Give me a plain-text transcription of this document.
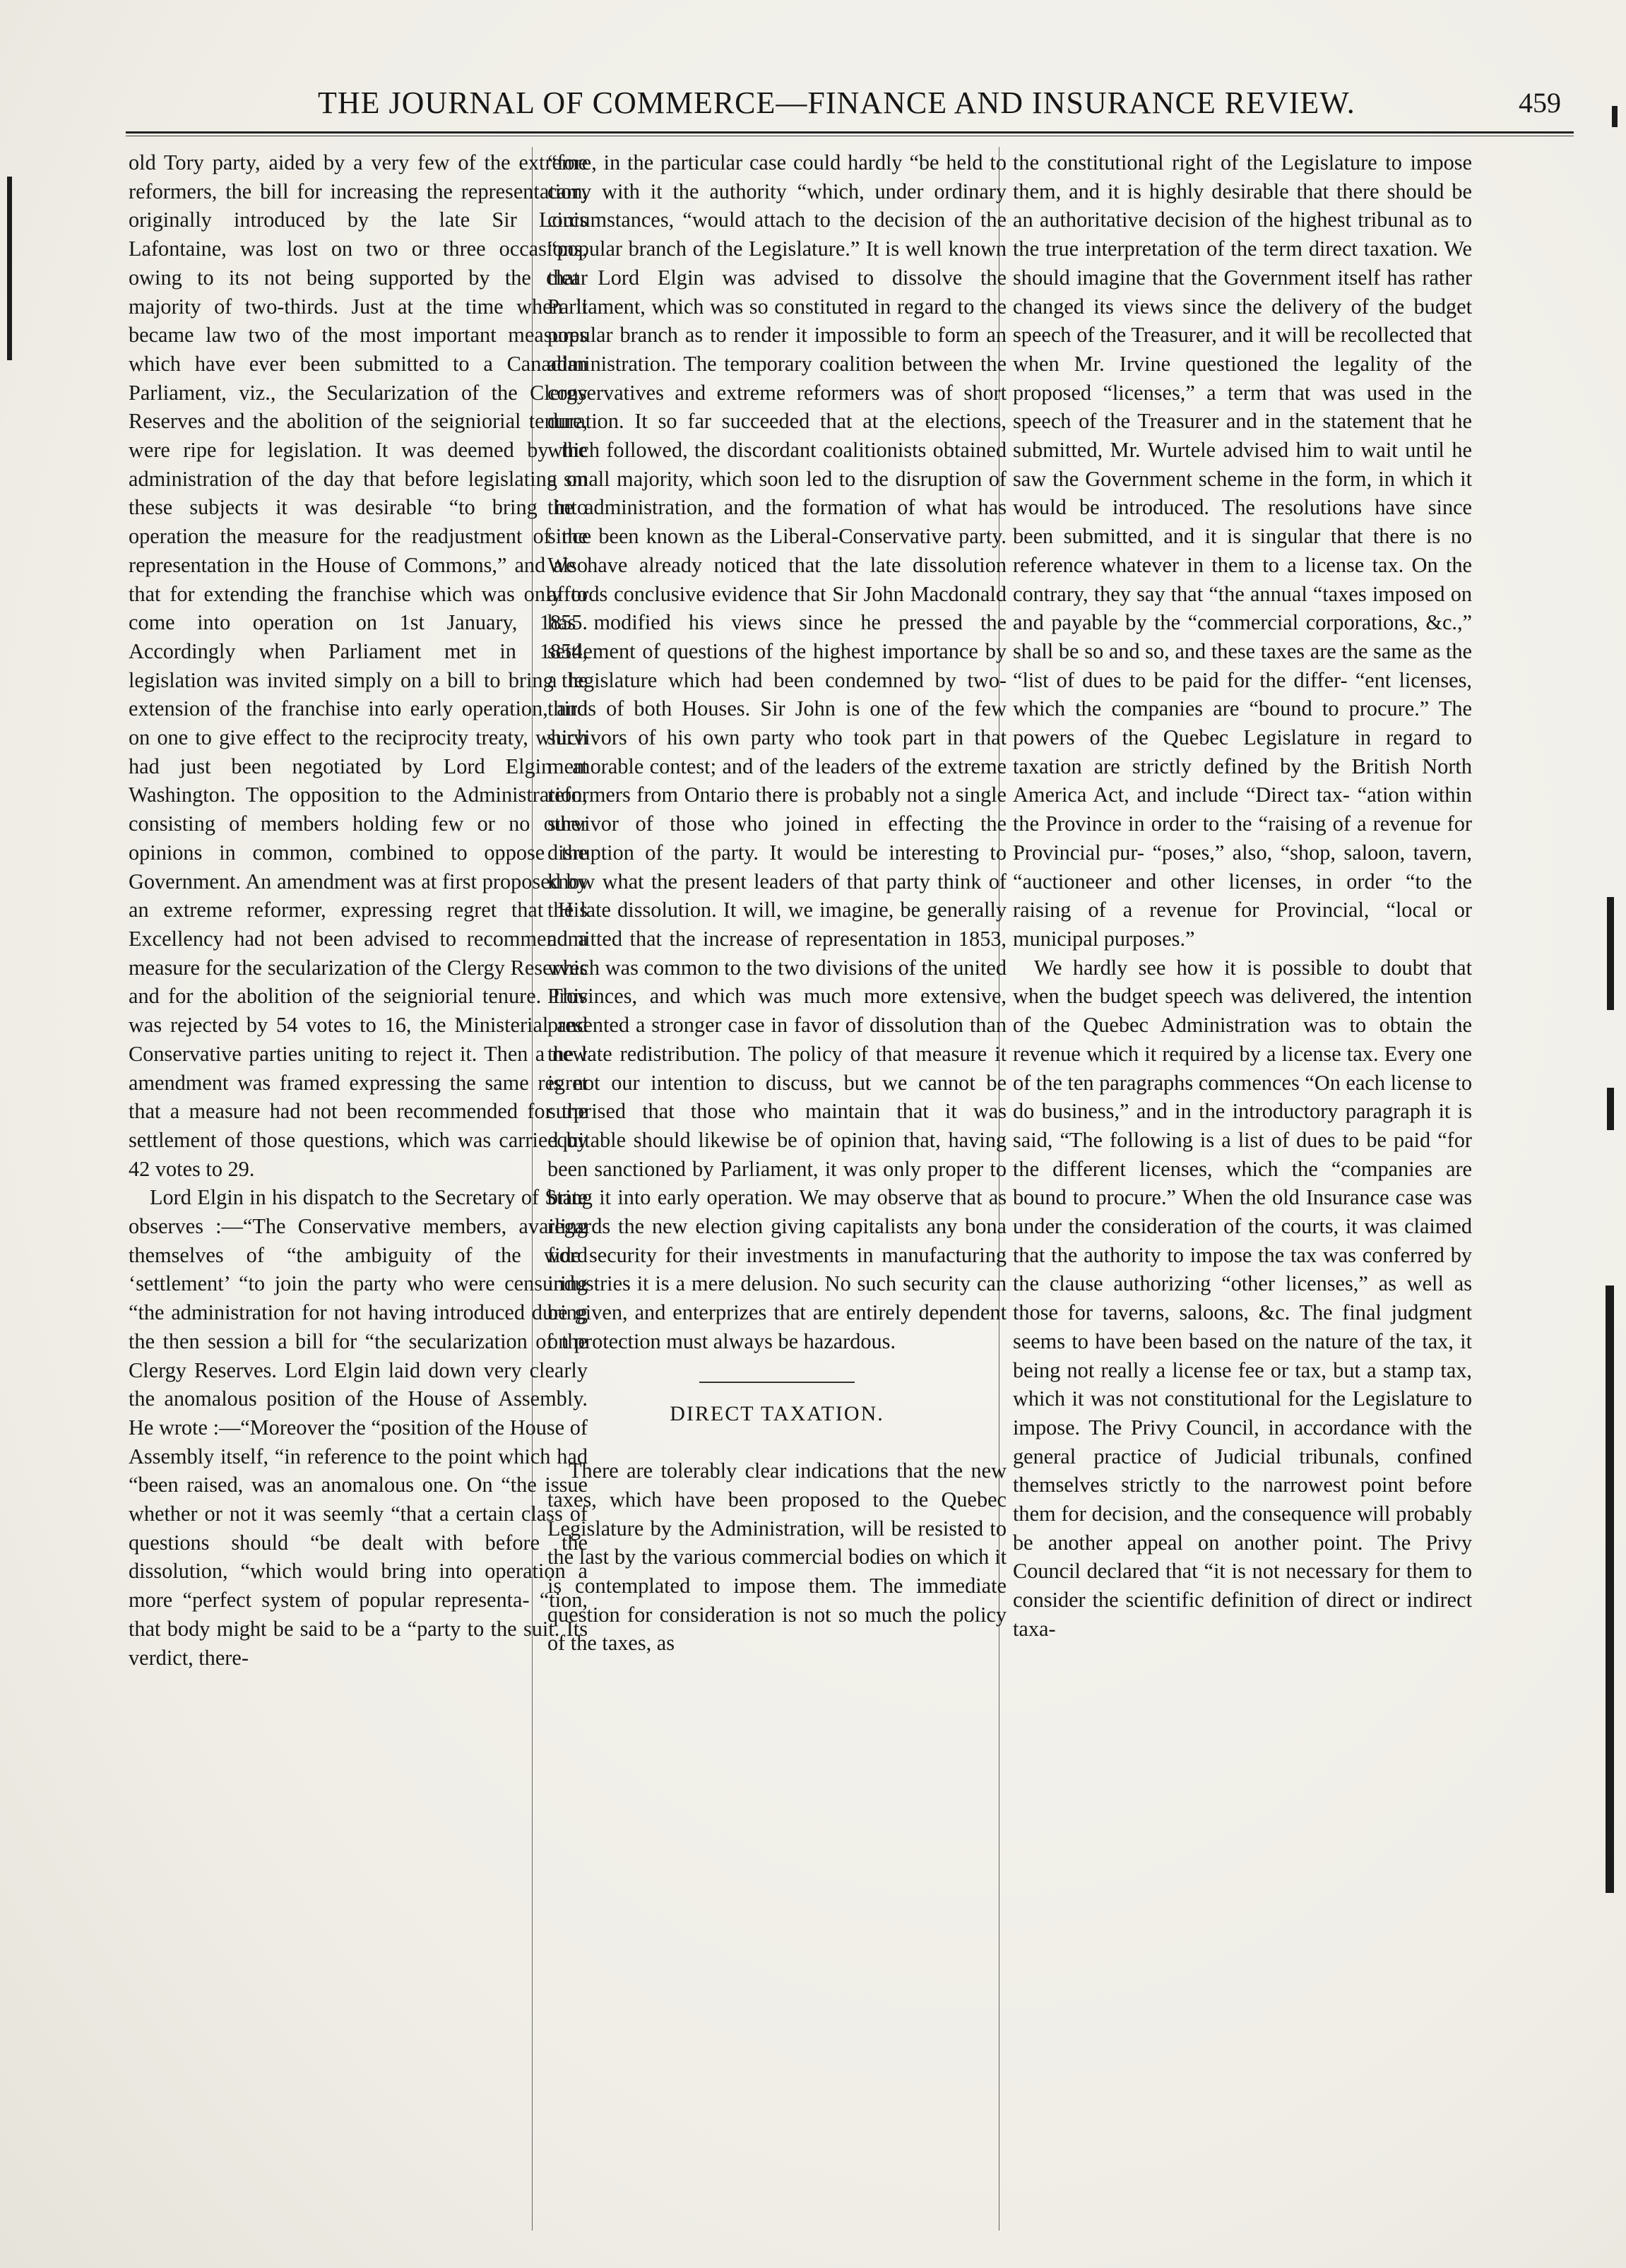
THE JOURNAL OF COMMERCE—FINANCE AND INSURANCE REVIEW.	459

old Tory party, aided by a very few of the extreme reformers, the bill for increasing the representation, originally introduced by the late Sir Louis Lafontaine, was lost on two or three occasions, owing to its not being supported by the clear majority of two-thirds. Just at the time when it became law two of the most important measures which have ever been submitted to a Canadian Parliament, viz., the Secularization of the Clergy Reserves and the abolition of the seigniorial tenure, were ripe for legislation. It was deemed by the administration of the day that before legislating on these subjects it was desirable “to bring into operation the measure for the readjustment of the representation in the House of Commons,” and also that for extending the franchise which was only to come into operation on 1st January, 1855. Accordingly when Parliament met in 1854, legislation was invited simply on a bill to bring the extension of the franchise into early operation, and on one to give effect to the reciprocity treaty, which had just been negotiated by Lord Elgin at Washington. The opposition to the Administration, consisting of members holding few or no other opinions in common, combined to oppose the Government. An amendment was at first proposed by an extreme reformer, expressing regret that His Excellency had not been advised to recommend a measure for the secularization of the Clergy Reserves and for the abolition of the seigniorial tenure. This was rejected by 54 votes to 16, the Ministerial and Conservative parties uniting to reject it. Then a new amendment was framed expressing the same regret that a measure had not been recommended for the settlement of those questions, which was carried by 42 votes to 29.

Lord Elgin in his dispatch to the Secretary of State observes :—“The Conservative members, availing themselves of “the ambiguity of the word ‘settlement’ “to join the party who were censuring “the administration for not having introduced during the then session a bill for “the secularization of the Clergy Reserves. Lord Elgin laid down very clearly the anomalous position of the House of Assembly. He wrote :—“Moreover the “position of the House of Assembly itself, “in reference to the point which had “been raised, was an anomalous one. On “the issue whether or not it was seemly “that a certain class of questions should “be dealt with before the dissolution, “which would bring into operation a more “perfect system of popular representa- “tion, that body might be said to be a “party to the suit. Its verdict, there-

“fore, in the particular case could hardly “be held to carry with it the authority “which, under ordinary circumstances, “would attach to the decision of the “popular branch of the Legislature.” It is well known that Lord Elgin was advised to dissolve the Parliament, which was so constituted in regard to the popular branch as to render it impossible to form an administration. The temporary coalition between the conservatives and extreme reformers was of short duration. It so far succeeded that at the elections, which followed, the discordant coalitionists obtained a small majority, which soon led to the disruption of the administration, and the formation of what has since been known as the Liberal-Conservative party. We have already noticed that the late dissolution affords conclusive evidence that Sir John Macdonald has modified his views since he pressed the settlement of questions of the highest importance by a legislature which had been condemned by two-thirds of both Houses. Sir John is one of the few survivors of his own party who took part in that memorable contest; and of the leaders of the extreme reformers from Ontario there is probably not a single survivor of those who joined in effecting the disruption of the party. It would be interesting to know what the present leaders of that party think of the late dissolution. It will, we imagine, be generally admitted that the increase of representation in 1853, which was common to the two divisions of the united Provinces, and which was much more extensive, presented a stronger case in favor of dissolution than the late redistribution. The policy of that measure it is not our intention to discuss, but we cannot be surprised that those who maintain that it was equitable should likewise be of opinion that, having been sanctioned by Parliament, it was only proper to bring it into early operation. We may observe that as regards the new election giving capitalists any bona fide security for their investments in manufacturing industries it is a mere delusion. No such security can be given, and enterprizes that are entirely dependent on protection must always be hazardous.

DIRECT TAXATION.

There are tolerably clear indications that the new taxes, which have been proposed to the Quebec Legislature by the Administration, will be resisted to the last by the various commercial bodies on which it is contemplated to impose them. The immediate question for consideration is not so much the policy of the taxes, as

the constitutional right of the Legislature to impose them, and it is highly desirable that there should be an authoritative decision of the highest tribunal as to the true interpretation of the term direct taxation. We should imagine that the Government itself has rather changed its views since the delivery of the budget speech of the Treasurer, and it will be recollected that when Mr. Irvine questioned the legality of the proposed “licenses,” a term that was used in the speech of the Treasurer and in the statement that he submitted, Mr. Wurtele advised him to wait until he saw the Government scheme in the form, in which it would be introduced. The resolutions have since been submitted, and it is singular that there is no reference whatever in them to a license tax. On the contrary, they say that “the annual “taxes imposed on and payable by the “commercial corporations, &c.,” shall be so and so, and these taxes are the same as the “list of dues to be paid for the differ- “ent licenses, which the companies are “bound to procure.” The powers of the Quebec Legislature in regard to taxation are strictly defined by the British North America Act, and include “Direct tax- “ation within the Province in order to the “raising of a revenue for Provincial pur- “poses,” also, “shop, saloon, tavern, “auctioneer and other licenses, in order “to the raising of a revenue for Provincial, “local or municipal purposes.”

We hardly see how it is possible to doubt that when the budget speech was delivered, the intention of the Quebec Administration was to obtain the revenue which it required by a license tax. Every one of the ten paragraphs commences “On each license to do business,” and in the introductory paragraph it is said, “The following is a list of dues to be paid “for the different licenses, which the “companies are bound to procure.” When the old Insurance case was under the consideration of the courts, it was claimed that the authority to impose the tax was conferred by the clause authorizing “other licenses,” as well as those for taverns, saloons, &c. The final judgment seems to have been based on the nature of the tax, it being not really a license fee or tax, but a stamp tax, which it was not constitutional for the Legislature to impose. The Privy Council, in accordance with the general practice of Judicial tribunals, confined themselves strictly to the narrowest point before them for decision, and the consequence will probably be another appeal on another point. The Privy Council declared that “it is not necessary for them to consider the scientific definition of direct or indirect taxa-
